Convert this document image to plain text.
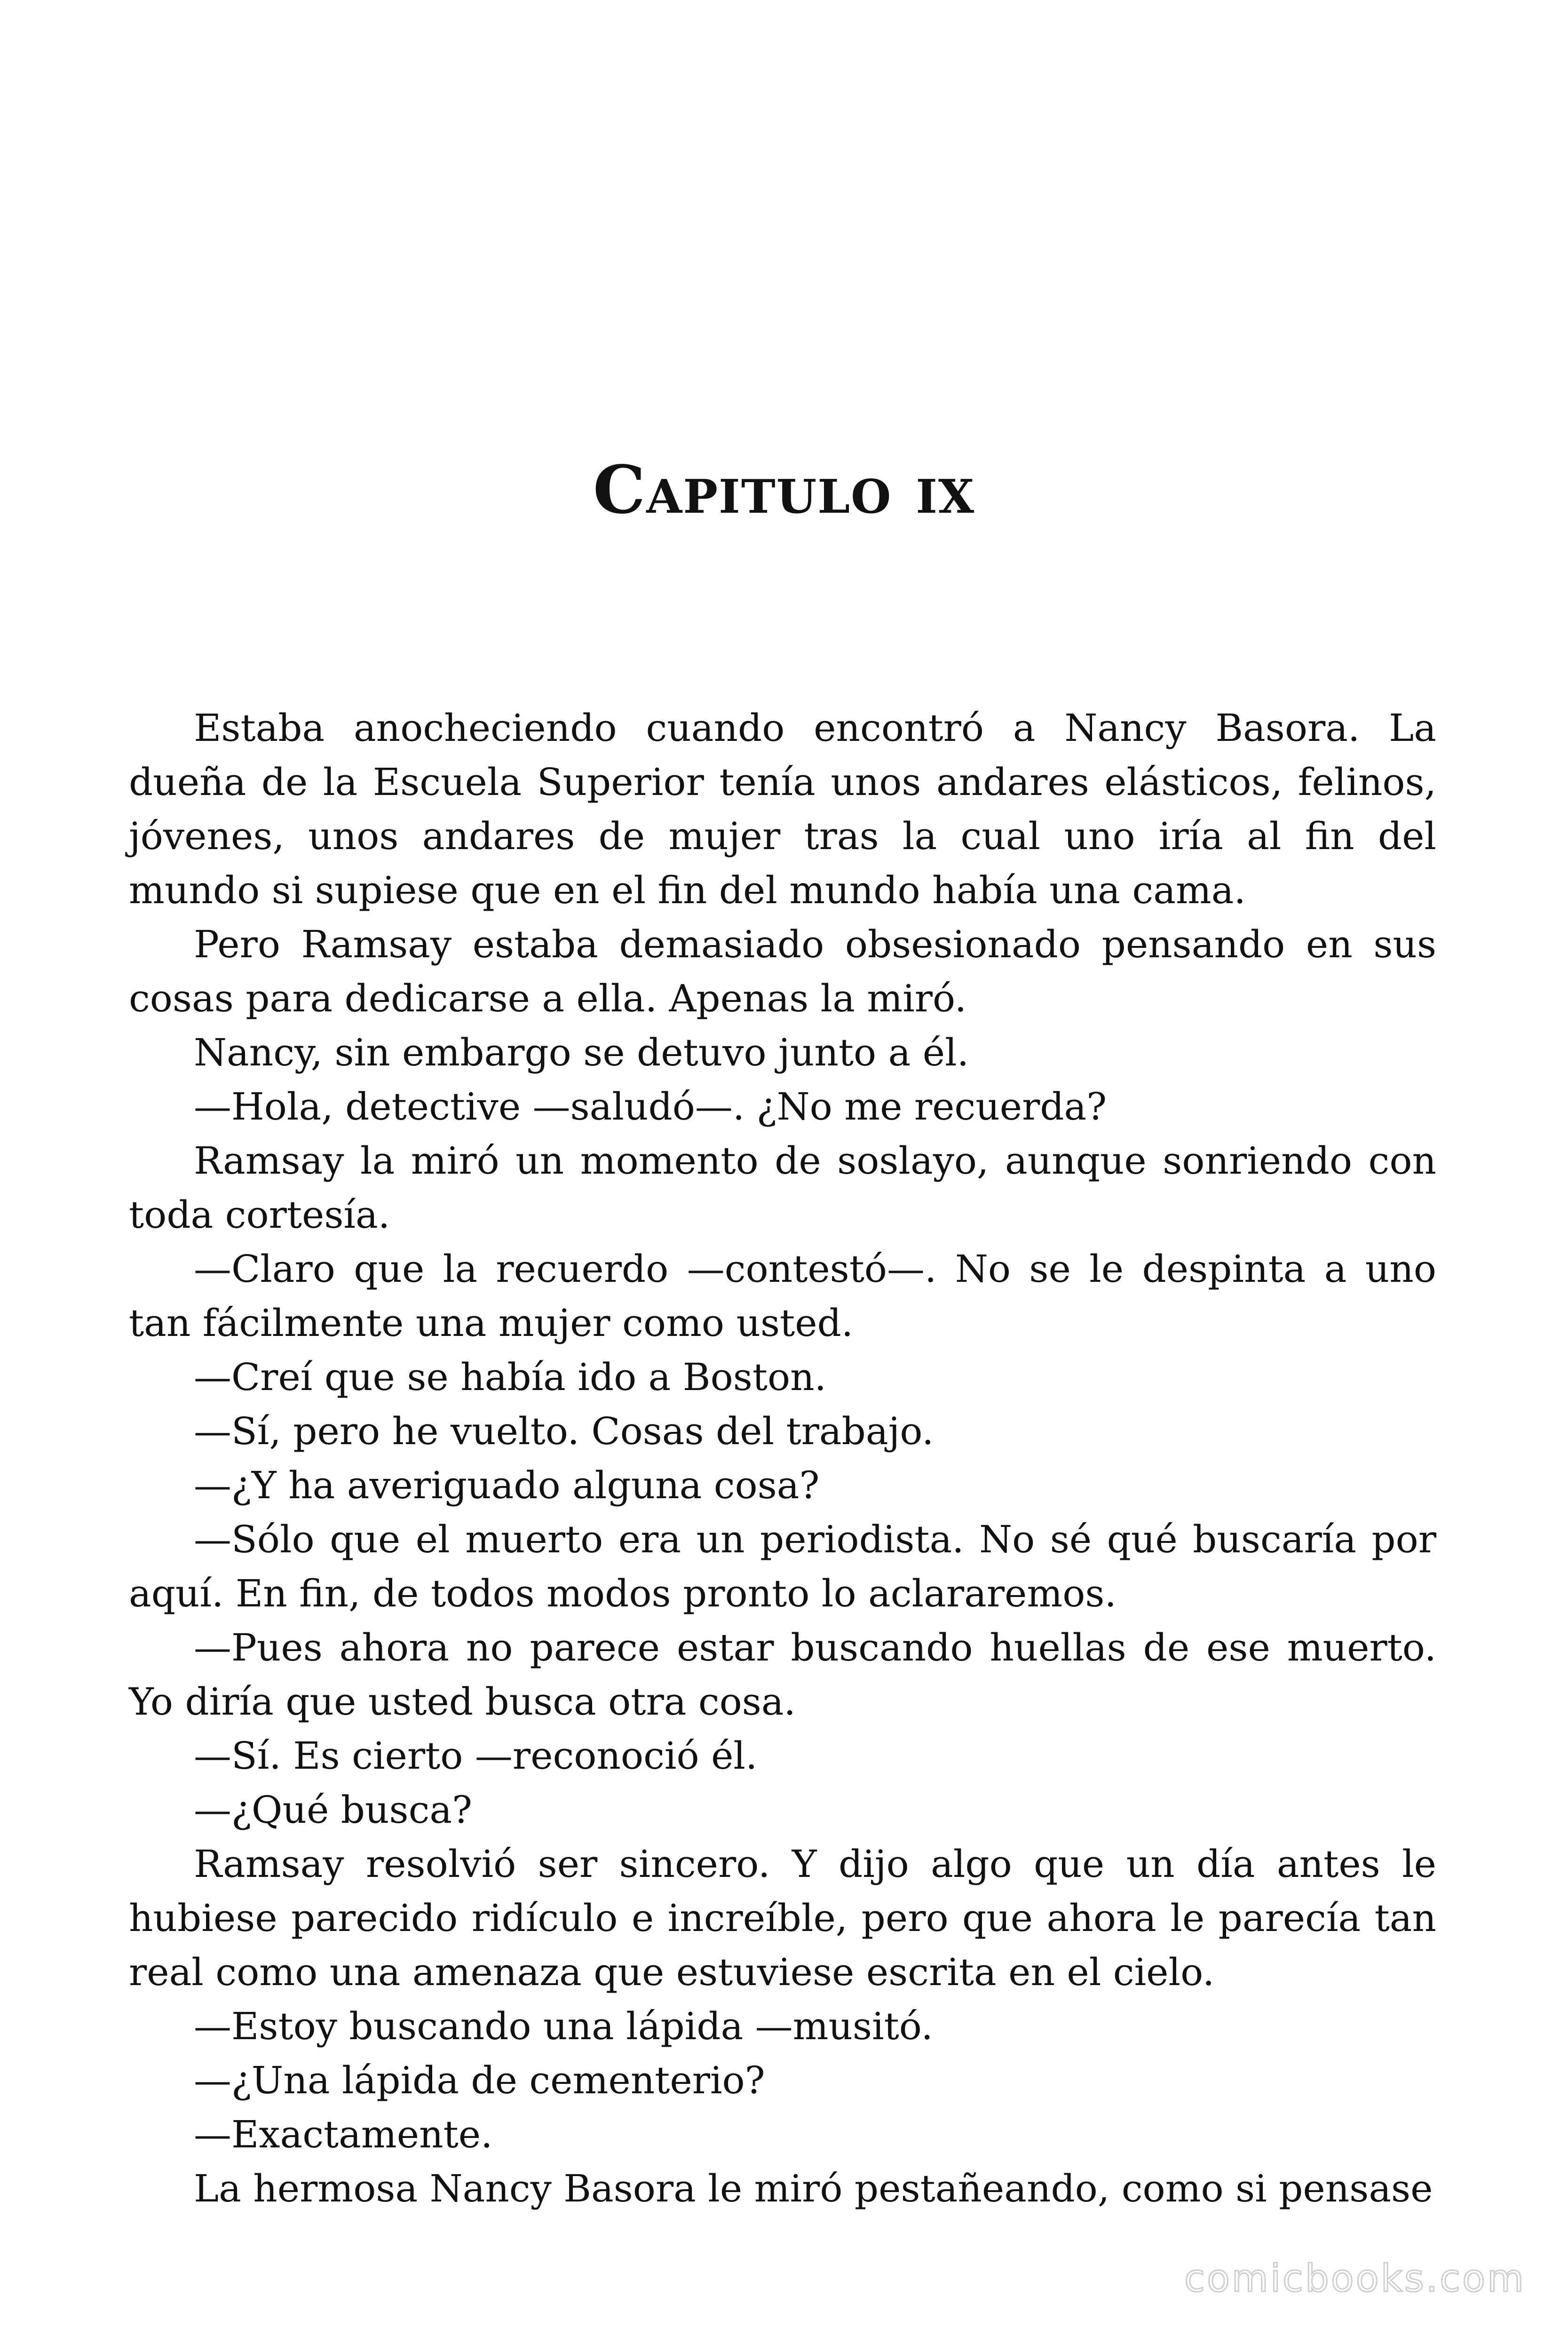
Capitulo ix

Estaba anocheciendo cuando encontró a Nancy Basora. La dueña de la Escuela Superior tenía unos andares elásticos, felinos, jóvenes, unos andares de mujer tras la cual uno iría al fin del mundo si supiese que en el fin del mundo había una cama.

Pero Ramsay estaba demasiado obsesionado pensando en sus cosas para dedicarse a ella. Apenas la miró.

Nancy, sin embargo se detuvo junto a él.

—Hola, detective —saludó—. ¿No me recuerda?

Ramsay la miró un momento de soslayo, aunque sonriendo con toda cortesía.

—Claro que la recuerdo —contestó—. No se le despinta a uno tan fácilmente una mujer como usted.

—Creí que se había ido a Boston.

—Sí, pero he vuelto. Cosas del trabajo.

—¿Y ha averiguado alguna cosa?

—Sólo que el muerto era un periodista. No sé qué buscaría por aquí. En fin, de todos modos pronto lo aclararemos.

—Pues ahora no parece estar buscando huellas de ese muerto. Yo diría que usted busca otra cosa.

—Sí. Es cierto —reconoció él.

—¿Qué busca?

Ramsay resolvió ser sincero. Y dijo algo que un día antes le hubiese parecido ridículo e increíble, pero que ahora le parecía tan real como una amenaza que estuviese escrita en el cielo.

—Estoy buscando una lápida —musitó.

—¿Una lápida de cementerio?

—Exactamente.

La hermosa Nancy Basora le miró pestañeando, como si pensase

comicbooks.com
